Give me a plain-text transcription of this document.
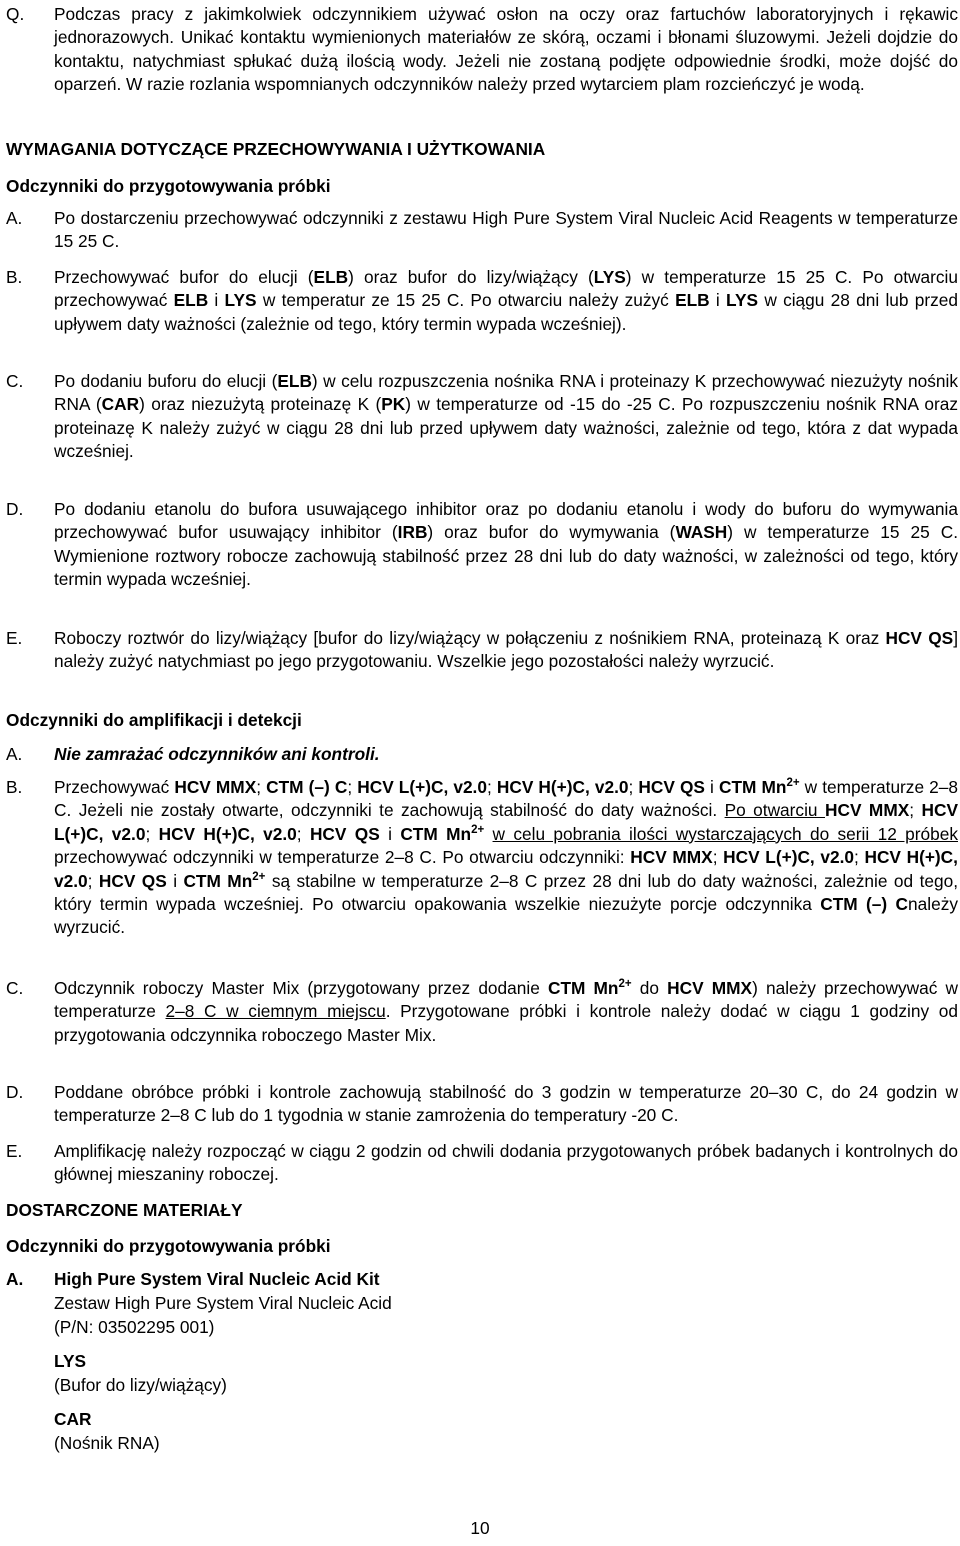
Q. Podczas pracy z jakimkolwiek odczynnikiem używać osłon na oczy oraz fartuchów laboratoryjnych i rękawic jednorazowych. Unikać kontaktu wymienionych materiałów ze skórą, oczami i błonami śluzowymi. Jeżeli dojdzie do kontaktu, natychmiast spłukać dużą ilością wody. Jeżeli nie zostaną podjęte odpowiednie środki, może dojść do oparzeń. W razie rozlania wspomnianych odczynników należy przed wytarciem plam rozcieńczyć je wodą.
WYMAGANIA DOTYCZĄCE PRZECHOWYWANIA I UŻYTKOWANIA
Odczynniki do przygotowywania próbki
A. Po dostarczeniu przechowywać odczynniki z zestawu High Pure System Viral Nucleic Acid Reagents w temperaturze 15 25 C.
B. Przechowywać bufor do elucji (ELB) oraz bufor do lizy/wiążący (LYS) w temperaturze 15 25 C. Po otwarciu przechowywać ELB i LYS w temperatur ze 15 25 C. Po otwarciu należy zużyć ELB i LYS w ciągu 28 dni lub przed upływem daty ważności (zależnie od tego, który termin wypada wcześniej).
C. Po dodaniu buforu do elucji (ELB) w celu rozpuszczenia nośnika RNA i proteinazy K przechowywać niezużyty nośnik RNA (CAR) oraz niezużytą proteinazę K (PK) w temperaturze od -15 do -25 C. Po rozpuszczeniu nośnik RNA oraz proteinazę K należy zużyć w ciągu 28 dni lub przed upływem daty ważności, zależnie od tego, która z dat wypada wcześniej.
D. Po dodaniu etanolu do bufora usuwającego inhibitor oraz po dodaniu etanolu i wody do buforu do wymywania przechowywać bufor usuwający inhibitor (IRB) oraz bufor do wymywania (WASH) w temperaturze 15 25 C. Wymienione roztwory robocze zachowują stabilność przez 28 dni lub do daty ważności, w zależności od tego, który termin wypada wcześniej.
E. Roboczy roztwór do lizy/wiążący [bufor do lizy/wiążący w połączeniu z nośnikiem RNA, proteinazą K oraz HCV QS] należy zużyć natychmiast po jego przygotowaniu. Wszelkie jego pozostałości należy wyrzucić.
Odczynniki do amplifikacji i detekcji
A. Nie zamrażać odczynników ani kontroli.
B. Przechowywać HCV MMX; CTM (–) C; HCV L(+)C, v2.0; HCV H(+)C, v2.0; HCV QS i CTM $Mn^{2+}$ w temperaturze 2–8 C. Jeżeli nie zostały otwarte, odczynniki te zachowują stabilność do daty ważności. Po otwarciu HCV MMX; HCV L(+)C, v2.0; HCV H(+)C, v2.0; HCV QS i CTM $Mn^{2+}$ w celu pobrania ilości wystarczających do serii 12 próbek przechowywać odczynniki w temperaturze 2–8 C. Po otwarciu odczynniki: HCV MMX; HCV L(+)C, v2.0; HCV H(+)C, v2.0; HCV QS i CTM $Mn^{2+}$ są stabilne w temperaturze 2–8 C przez 28 dni lub do daty ważności, zależnie od tego, który termin wypada wcześniej. Po otwarciu opakowania wszelkie niezużyte porcje odczynnika CTM (–) Cnależy wyrzucić.
C. Odczynnik roboczy Master Mix (przygotowany przez dodanie CTM $Mn^{2+}$ do HCV MMX) należy przechowywać w temperaturze 2–8 C w ciemnym miejscu. Przygotowane próbki i kontrole należy dodać w ciągu 1 godziny od przygotowania odczynnika roboczego Master Mix.
D. Poddane obróbce próbki i kontrole zachowują stabilność do 3 godzin w temperaturze 20–30 C, do 24 godzin w temperaturze 2–8 C lub do 1 tygodnia w stanie zamrożenia do temperatury -20 C.
E. Amplifikację należy rozpocząć w ciągu 2 godzin od chwili dodania przygotowanych próbek badanych i kontrolnych do głównej mieszaniny roboczej.
DOSTARCZONE MATERIAŁY
Odczynniki do przygotowywania próbki
A. High Pure System Viral Nucleic Acid Kit
Zestaw High Pure System Viral Nucleic Acid
(P/N: 03502295 001)
LYS
(Bufor do lizy/wiążący)
CAR
(Nośnik RNA)
10
